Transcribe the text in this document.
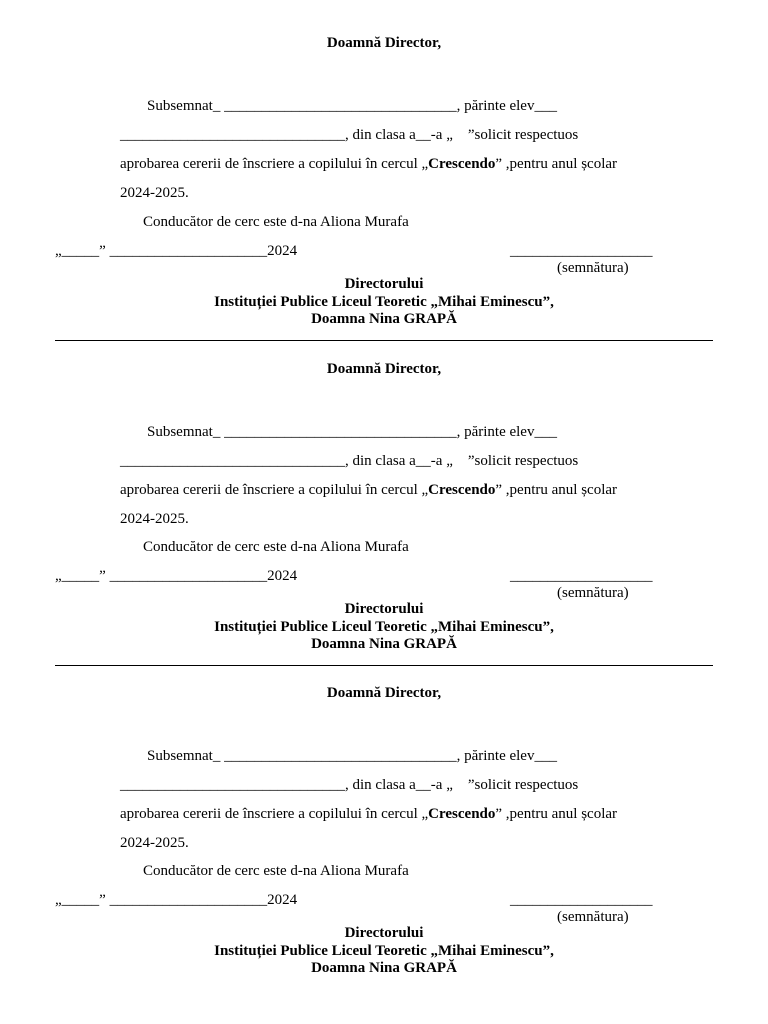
Doamnă Director,
Subsemnat_ _______________________________, părinte elev___
______________________________, din clasa a__-a „    ”solicit respectuos
aprobarea cererii de înscriere a copilului în cercul „Crescendo” ,pentru anul școlar
2024-2025.
Conducător de cerc este d-na Aliona Murafa
„_____” _____________________2024	___________________
(semnătura)
Directorului
Instituției Publice Liceul Teoretic „Mihai Eminescu”,
Doamna Nina GRAPĂ
Doamnă Director,
Subsemnat_ _______________________________, părinte elev___
______________________________, din clasa a__-a „    ”solicit respectuos
aprobarea cererii de înscriere a copilului în cercul „Crescendo” ,pentru anul școlar
2024-2025.
Conducător de cerc este d-na Aliona Murafa
„_____” _____________________2024	___________________
(semnătura)
Directorului
Instituției Publice Liceul Teoretic „Mihai Eminescu”,
Doamna Nina GRAPĂ
Doamnă Director,
Subsemnat_ _______________________________, părinte elev___
______________________________, din clasa a__-a „    ”solicit respectuos
aprobarea cererii de înscriere a copilului în cercul „Crescendo” ,pentru anul școlar
2024-2025.
Conducător de cerc este d-na Aliona Murafa
„_____” _____________________2024	___________________
(semnătura)
Directorului
Instituției Publice Liceul Teoretic „Mihai Eminescu”,
Doamna Nina GRAPĂ
